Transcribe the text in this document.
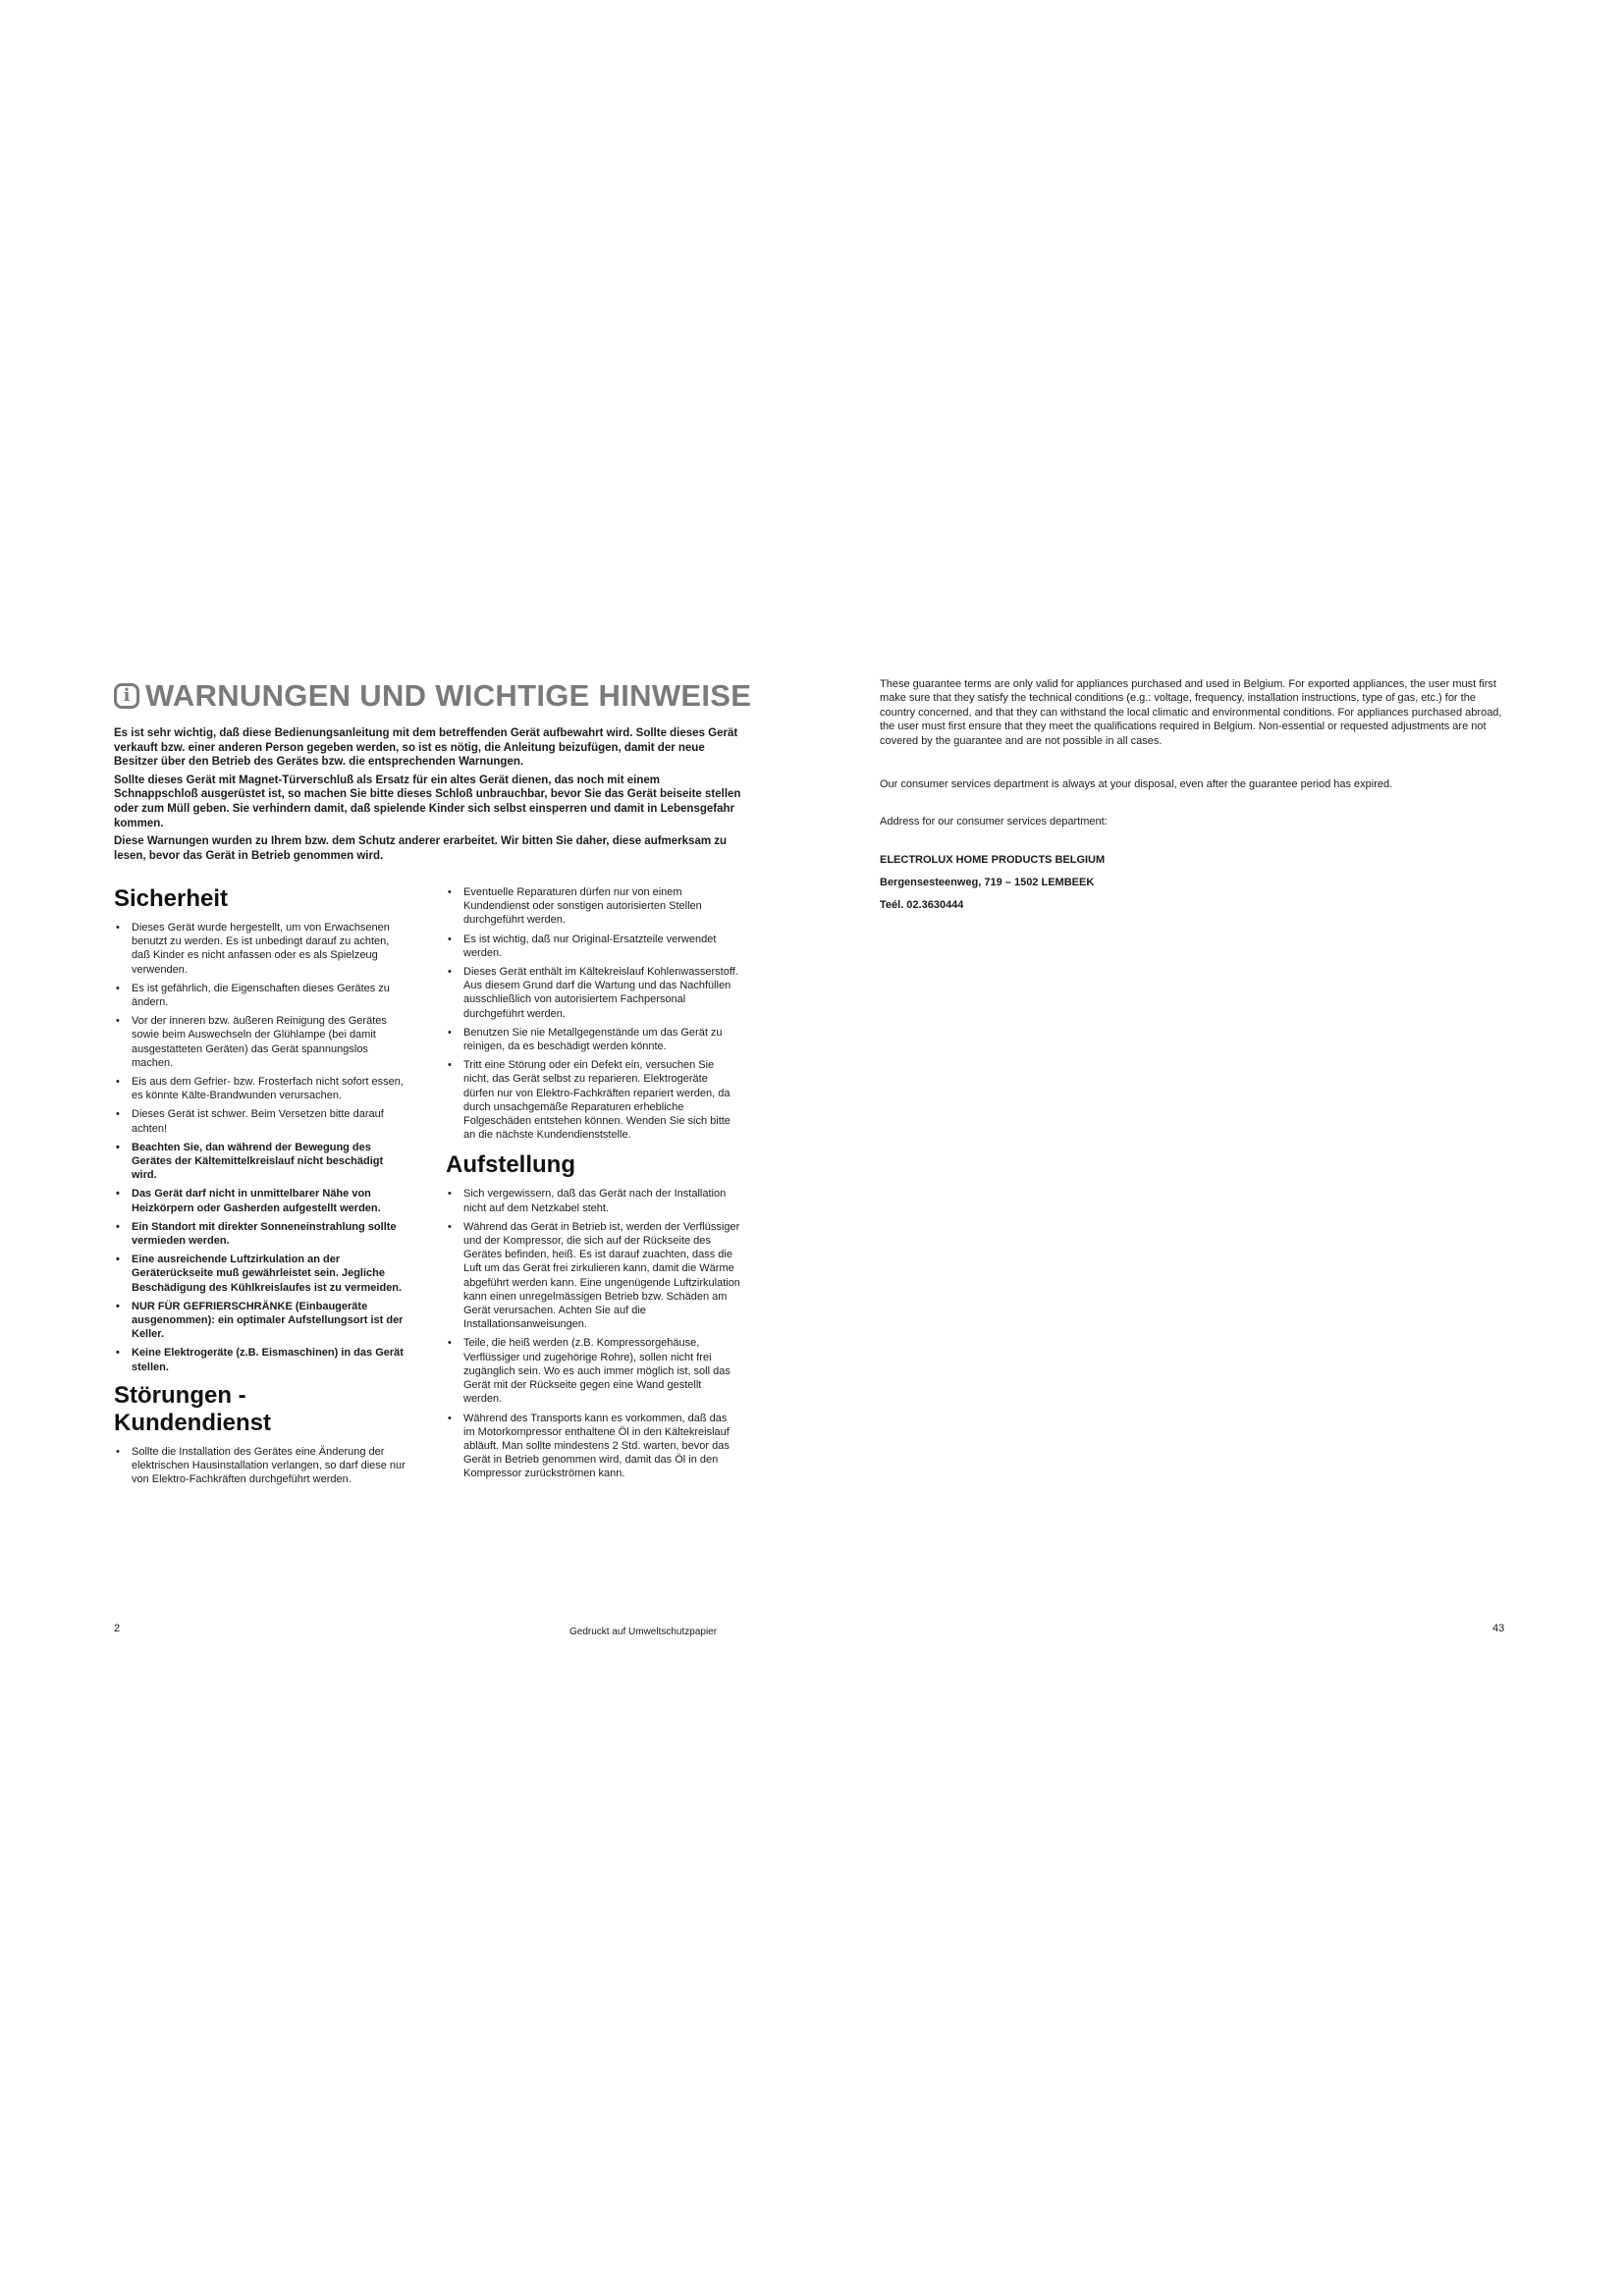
i WARNUNGEN UND WICHTIGE HINWEISE

Es ist sehr wichtig, daß diese Bedienungsanleitung mit dem betreffenden Gerät aufbewahrt wird. Sollte dieses Gerät verkauft bzw. einer anderen Person gegeben werden, so ist es nötig, die Anleitung beizufügen, damit der neue Besitzer über den Betrieb des Gerätes bzw. die entsprechenden Warnungen.

Sollte dieses Gerät mit Magnet-Türverschluß als Ersatz für ein altes Gerät dienen, das noch mit einem Schnappschloß ausgerüstet ist, so machen Sie bitte dieses Schloß unbrauchbar, bevor Sie das Gerät beiseite stellen oder zum Müll geben. Sie verhindern damit, daß spielende Kinder sich selbst einsperren und damit in Lebensgefahr kommen.

Diese Warnungen wurden zu Ihrem bzw. dem Schutz anderer erarbeitet. Wir bitten Sie daher, diese aufmerksam zu lesen, bevor das Gerät in Betrieb genommen wird.

Sicherheit
• Dieses Gerät wurde hergestellt, um von Erwachsenen benutzt zu werden. Es ist unbedingt darauf zu achten, daß Kinder es nicht anfassen oder es als Spielzeug verwenden.
• Es ist gefährlich, die Eigenschaften dieses Gerätes zu ändern.
• Vor der inneren bzw. äußeren Reinigung des Gerätes sowie beim Auswechseln der Glühlampe (bei damit ausgestatteten Geräten) das Gerät spannungslos machen.
• Eis aus dem Gefrier- bzw. Frosterfach nicht sofort essen, es könnte Kälte-Brandwunden verursachen.
• Dieses Gerät ist schwer. Beim Versetzen bitte darauf achten!
• Beachten Sie, dan während der Bewegung des Gerätes der Kältemittelkreislauf nicht beschädigt wird.
• Das Gerät darf nicht in unmittelbarer Nähe von Heizkörpern oder Gasherden aufgestellt werden.
• Ein Standort mit direkter Sonneneinstrahlung sollte vermieden werden.
• Eine ausreichende Luftzirkulation an der Geräterückseite muß gewährleistet sein. Jegliche Beschädigung des Kühlkreislaufes ist zu vermeiden.
• NUR FÜR GEFRIERSCHRÄNKE (Einbaugeräte ausgenommen): ein optimaler Aufstellungsort ist der Keller.
• Keine Elektrogeräte (z.B. Eismaschinen) in das Gerät stellen.
Störungen - Kundendienst
• Sollte die Installation des Gerätes eine Änderung der elektrischen Hausinstallation verlangen, so darf diese nur von Elektro-Fachkräften durchgeführt werden.
• Eventuelle Reparaturen dürfen nur von einem Kundendienst oder sonstigen autorisierten Stellen durchgeführt werden.
• Es ist wichtig, daß nur Original-Ersatzteile verwendet werden.
• Dieses Gerät enthält im Kältekreislauf Kohlenwasserstoff. Aus diesem Grund darf die Wartung und das Nachfüllen ausschließlich von autorisiertem Fachpersonal durchgeführt werden.
• Benutzen Sie nie Metallgegenstände um das Gerät zu reinigen, da es beschädigt werden könnte.
• Tritt eine Störung oder ein Defekt ein, versuchen Sie nicht, das Gerät selbst zu reparieren. Elektrogeräte dürfen nur von Elektro-Fachkräften repariert werden, da durch unsachgemäße Reparaturen erhebliche Folgeschäden entstehen können. Wenden Sie sich bitte an die nächste Kundendienststelle.
Aufstellung
• Sich vergewissern, daß das Gerät nach der Installation nicht auf dem Netzkabel steht.
• Während das Gerät in Betrieb ist, werden der Verflüssiger und der Kompressor, die sich auf der Rückseite des Gerätes befinden, heiß. Es ist darauf zuachten, dass die Luft um das Gerät frei zirkulieren kann, damit die Wärme abgeführt werden kann. Eine ungenügende Luftzirkulation kann einen unregelmässigen Betrieb bzw. Schäden am Gerät verursachen. Achten Sie auf die Installationsanweisungen.
• Teile, die heiß werden (z.B. Kompressorgehäuse, Verflüssiger und zugehörige Rohre), sollen nicht frei zugänglich sein. Wo es auch immer möglich ist, soll das Gerät mit der Rückseite gegen eine Wand gestellt werden.
• Während des Transports kann es vorkommen, daß das im Motorkompressor enthaltene Öl in den Kältekreislauf abläuft. Man sollte mindestens 2 Std. warten, bevor das Gerät in Betrieb genommen wird, damit das Öl in den Kompressor zurückströmen kann.

These guarantee terms are only valid for appliances purchased and used in Belgium. For exported appliances, the user must first make sure that they satisfy the technical conditions (e.g.: voltage, frequency, installation instructions, type of gas, etc.) for the country concerned, and that they can withstand the local climatic and environmental conditions. For appliances purchased abroad, the user must first ensure that they meet the qualifications required in Belgium. Non-essential or requested adjustments are not covered by the guarantee and are not possible in all cases.

Our consumer services department is always at your disposal, even after the guarantee period has expired.

Address for our consumer services department:

ELECTROLUX HOME PRODUCTS BELGIUM

Bergensesteenweg, 719 – 1502 LEMBEEK

Teél. 02.3630444

2	Gedruckt auf Umweltschutzpapier	43
